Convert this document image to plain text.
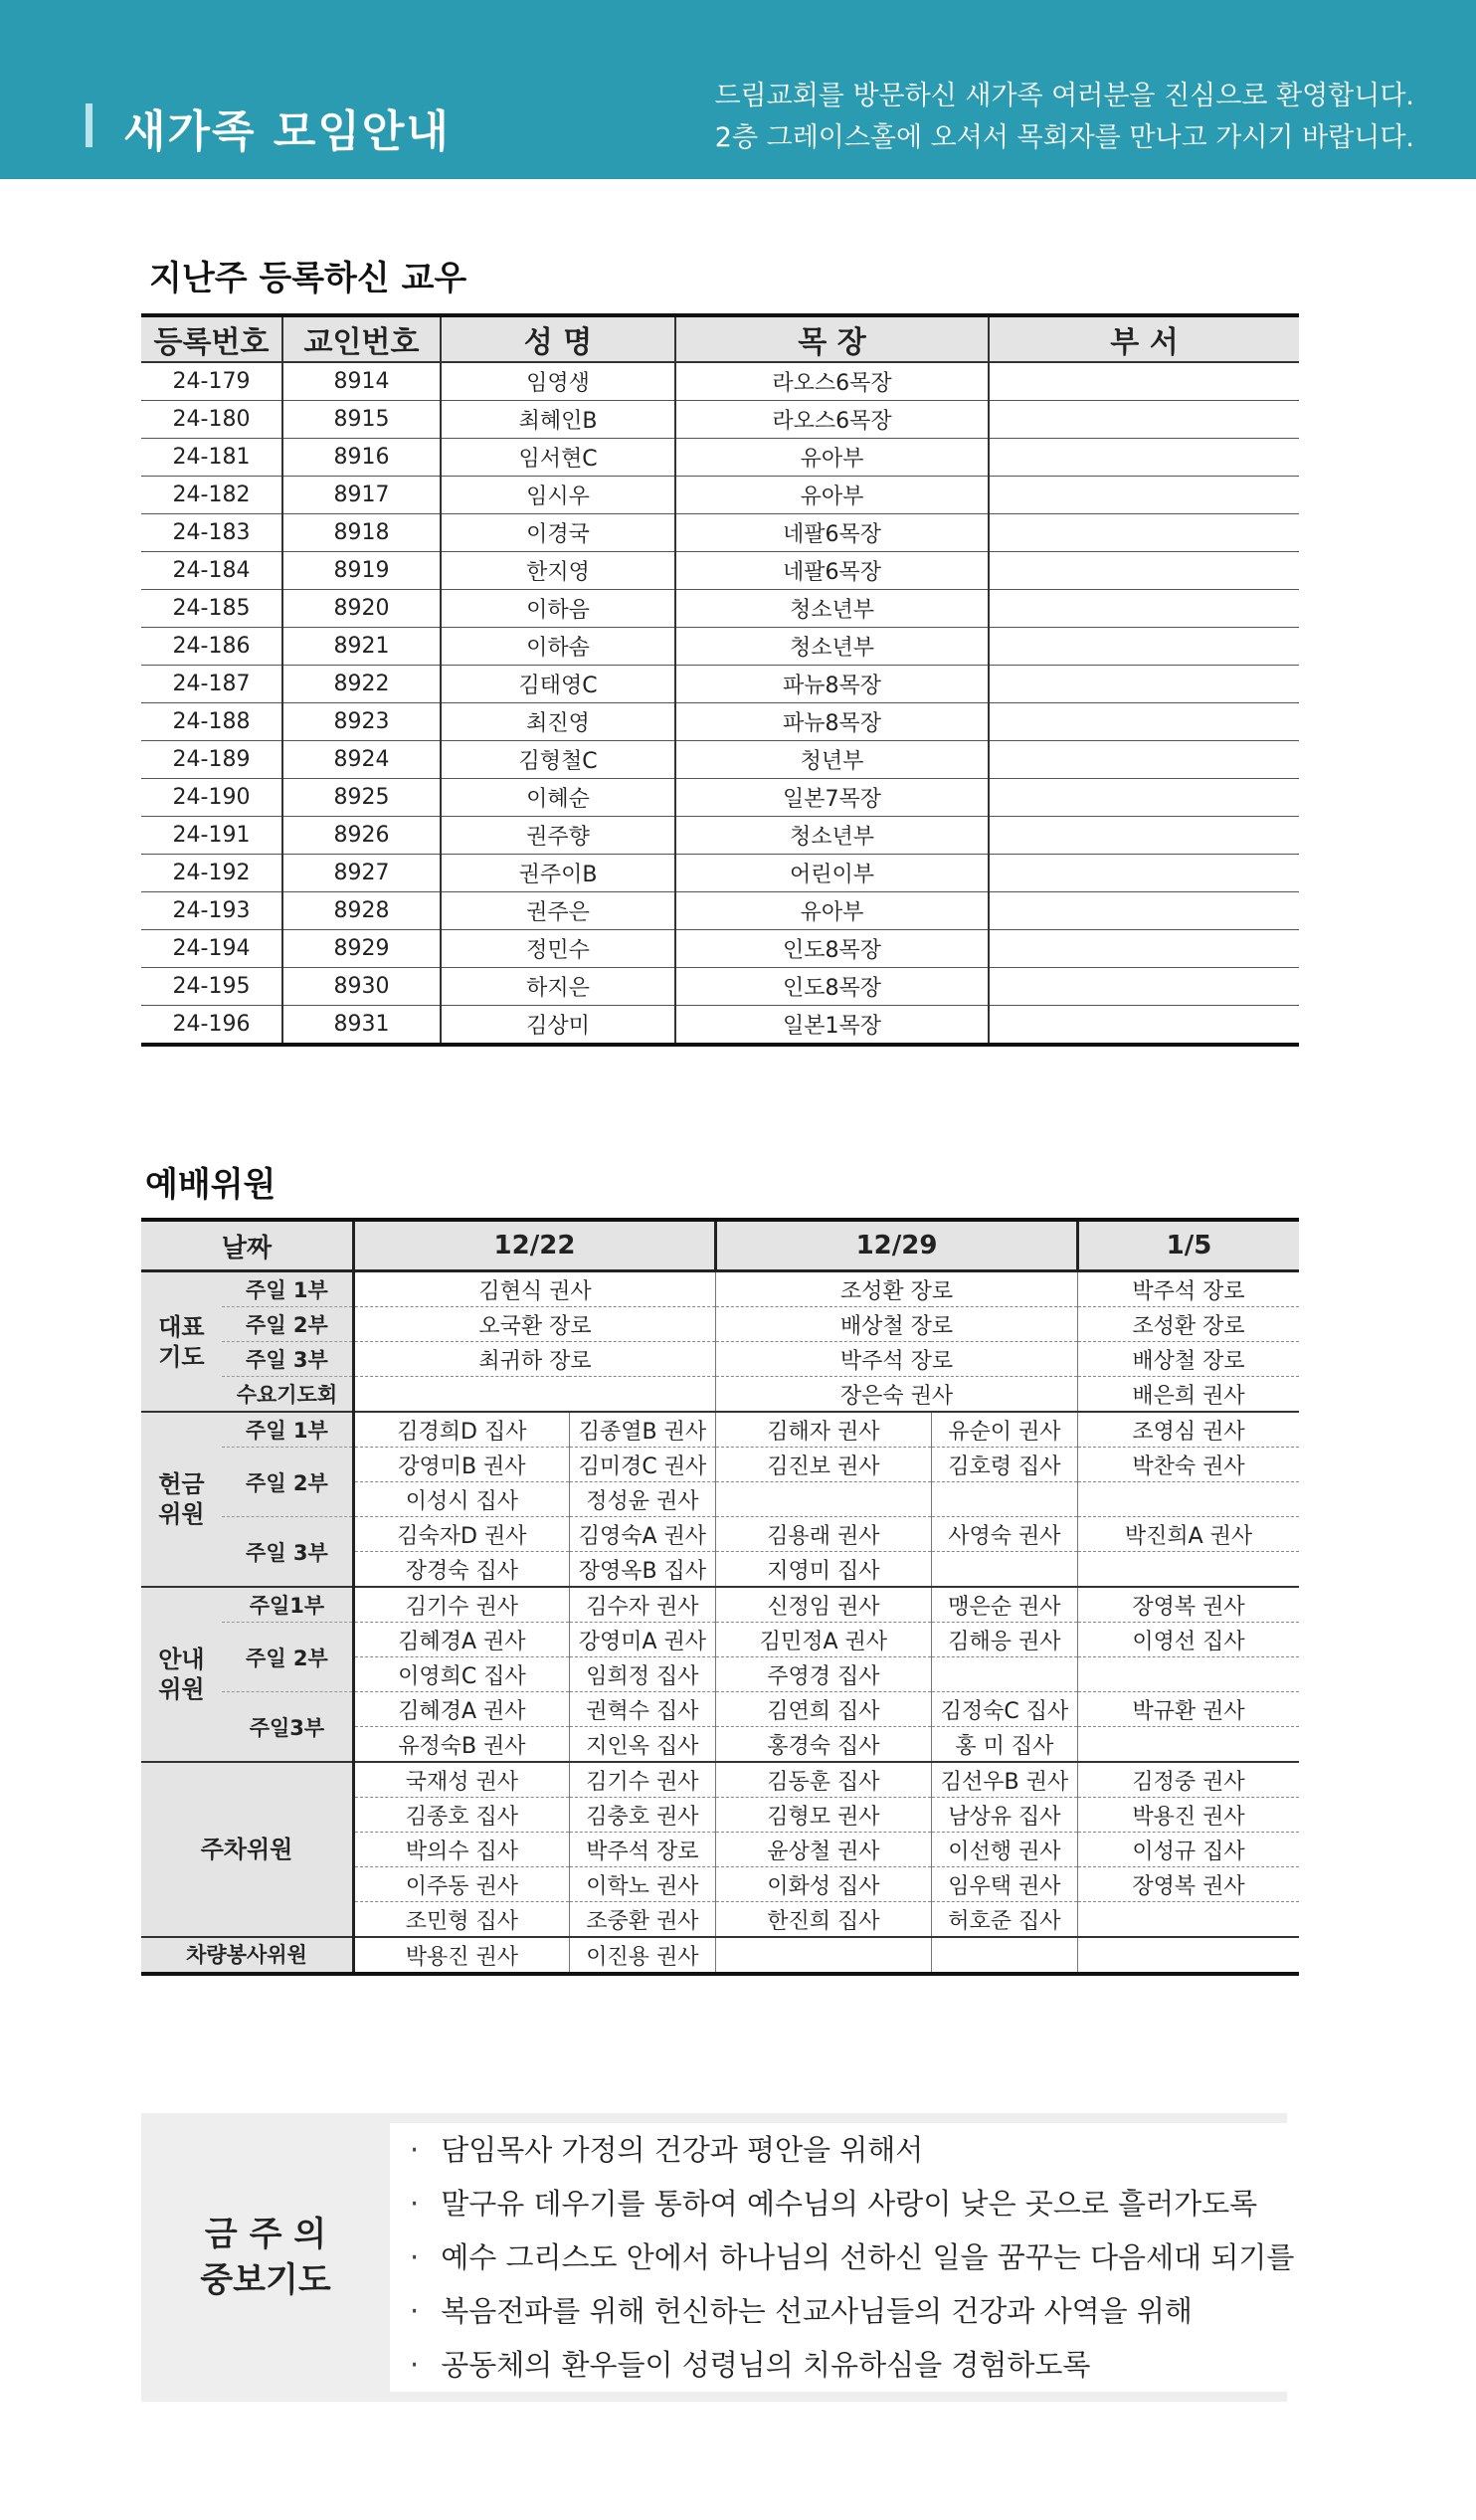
새가족 모임안내
드림교회를 방문하신 새가족 여러분을 진심으로 환영합니다.
2층 그레이스홀에 오셔서 목회자를 만나고 가시기 바랍니다.
지난주 등록하신 교우
등록번호	교인번호	성 명	목 장	부 서
24-179	8914	임영생	라오스6목장	
24-180	8915	최혜인B	라오스6목장	
24-181	8916	임서현C	유아부	
24-182	8917	임시우	유아부	
24-183	8918	이경국	네팔6목장	
24-184	8919	한지영	네팔6목장	
24-185	8920	이하음	청소년부	
24-186	8921	이하솜	청소년부	
24-187	8922	김태영C	파뉴8목장	
24-188	8923	최진영	파뉴8목장	
24-189	8924	김형철C	청년부	
24-190	8925	이혜순	일본7목장	
24-191	8926	권주향	청소년부	
24-192	8927	권주이B	어린이부	
24-193	8928	권주은	유아부	
24-194	8929	정민수	인도8목장	
24-195	8930	하지은	인도8목장	
24-196	8931	김상미	일본1목장	
예배위원
날짜		12/22		12/29		1/5
대표
기도	주일 1부	김현식 권사		조성환 장로		박주석 장로
	주일 2부	오국환 장로		배상철 장로		조성환 장로
	주일 3부	최귀하 장로		박주석 장로		배상철 장로
	수요기도회			장은숙 권사		배은희 권사
헌금
위원	주일 1부	김경희D 집사	김종열B 권사	김해자 권사	유순이 권사	조영심 권사
	주일 2부	강영미B 권사	김미경C 권사	김진보 권사	김호령 집사	박찬숙 권사
		이성시 집사	정성윤 권사			
	주일 3부	김숙자D 권사	김영숙A 권사	김용래 권사	사영숙 권사	박진희A 권사
		장경숙 집사	장영옥B 집사	지영미 집사		
안내
위원	주일1부	김기수 권사	김수자 권사	신정임 권사	맹은순 권사	장영복 권사
	주일 2부	김혜경A 권사	강영미A 권사	김민정A 권사	김해응 권사	이영선 집사
		이영희C 집사	임희정 집사	주영경 집사		
	주일3부	김혜경A 권사	권혁수 집사	김연희 집사	김정숙C 집사	박규환 권사
		유정숙B 권사	지인옥 집사	홍경숙 집사	홍 미 집사	
주차위원		국재성 권사	김기수 권사	김동훈 집사	김선우B 권사	김정중 권사
		김종호 집사	김충호 권사	김형모 권사	남상유 집사	박용진 권사
		박의수 집사	박주석 장로	윤상철 권사	이선행 권사	이성규 집사
		이주동 권사	이학노 권사	이화성 집사	임우택 권사	장영복 권사
		조민형 집사	조중환 권사	한진희 집사	허호준 집사	
차량봉사위원		박용진 권사	이진용 권사			
금 주 의
중보기도
· 담임목사 가정의 건강과 평안을 위해서
· 말구유 데우기를 통하여 예수님의 사랑이 낮은 곳으로 흘러가도록
· 예수 그리스도 안에서 하나님의 선하신 일을 꿈꾸는 다음세대 되기를
· 복음전파를 위해 헌신하는 선교사님들의 건강과 사역을 위해
· 공동체의 환우들이 성령님의 치유하심을 경험하도록
